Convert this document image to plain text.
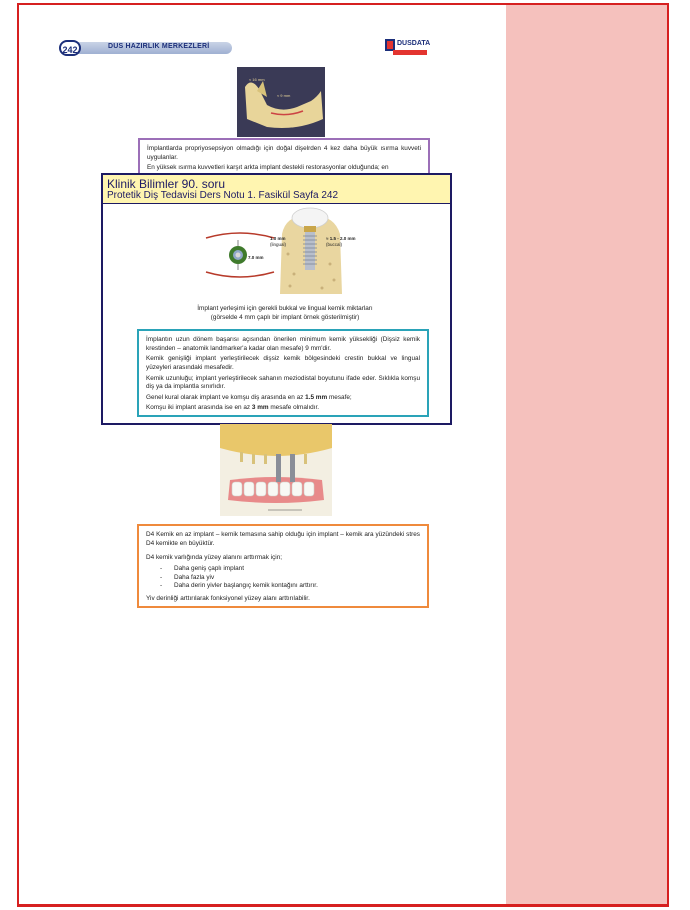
242	DUS HAZIRLIK MERKEZLERİ	DUSDATA
≈ 16 mm
≈ 9 mm

İmplantlarda propriyosepsiyon olmadığı için doğal dişelrden 4 kez daha büyük ısırma kuvveti uygulanlar.

En yüksek ısırma kuvvetleri karşıt arkta implant destekli restorasyonlar olduğunda; en

7.0 mm
1.0 mm
(lingual)
≈ 1.5 - 2.0 mm
(buccal)
İmplant yerleşimi için gerekli bukkal ve lingual kemik miktarları
(görselde 4 mm çaplı bir implant örnek gösterilmiştir)

İmplantın uzun dönem başarısı açısından önerilen minimum kemik yüksekliği (Dişsiz kemik krestinden – anatomik landmarker'a kadar olan mesafe) 9 mm'dir.

Kemik genişliği implant yerleştirilecek dişsiz kemik bölgesindeki crestin bukkal ve lingual yüzeyleri arasındaki mesafedir.

Kemik uzunluğu; implant yerleştirilecek sahanın meziodistal boyutunu ifade eder. Sıklıkla komşu diş ya da implantla sınırlıdır.

Genel kural olarak implant ve komşu diş arasında en az 1.5 mm mesafe;

Komşu iki implant arasında ise en az 3 mm mesafe olmalıdır.

Klinik Bilimler 90. soru
Protetik Diş Tedavisi Ders Notu 1. Fasikül Sayfa 242

D4 Kemik en az implant – kemik temasına sahip olduğu için implant – kemik ara yüzündeki stres D4 kemikte en büyüktür.

D4 kemik varlığında yüzey alanını arttırmak için;

- Daha geniş çaplı implant
- Daha fazla yiv
- Daha derin yivler başlangıç kemik kontağını arttırır.

Yiv derinliği arttırılarak fonksiyonel yüzey alanı arttırılabilir.
